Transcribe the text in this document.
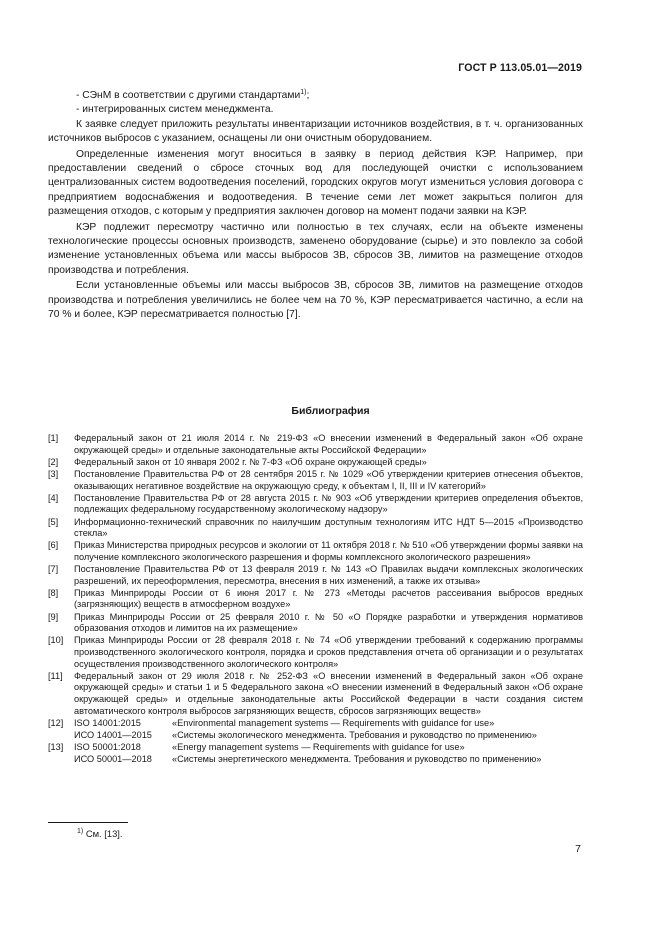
ГОСТ Р 113.05.01—2019

- СЭнМ в соответствии с другими стандартами$^{1)}$;

- интегрированных систем менеджмента.

К заявке следует приложить результаты инвентаризации источников воздействия, в т. ч. организованных источников выбросов с указанием, оснащены ли они очистным оборудованием.

Определенные изменения могут вноситься в заявку в период действия КЭР. Например, при предоставлении сведений о сбросе сточных вод для последующей очистки с использованием централизованных систем водоотведения поселений, городских округов могут измениться условия договора с предприятием водоснабжения и водоотведения. В течение семи лет может закрыться полигон для размещения отходов, с которым у предприятия заключен договор на момент подачи заявки на КЭР.

КЭР подлежит пересмотру частично или полностью в тех случаях, если на объекте изменены технологические процессы основных производств, заменено оборудование (сырье) и это повлекло за собой изменение установленных объема или массы выбросов ЗВ, сбросов ЗВ, лимитов на размещение отходов производства и потребления.

Если установленные объемы или массы выбросов ЗВ, сбросов ЗВ, лимитов на размещение отходов производства и потребления увеличились не более чем на 70 %, КЭР пересматривается частично, а если на 70 % и более, КЭР пересматривается полностью [7].

Библиография
[1]	Федеральный закон от 21 июля 2014 г. № 219-ФЗ «О внесении изменений в Федеральный закон «Об охране окружающей среды» и отдельные законодательные акты Российской Федерации»
[2]	Федеральный закон от 10 января 2002 г. № 7-ФЗ «Об охране окружающей среды»
[3]	Постановление Правительства РФ от 28 сентября 2015 г. № 1029 «Об утверждении критериев отнесения объектов, оказывающих негативное воздействие на окружающую среду, к объектам I, II, III и IV категорий»
[4]	Постановление Правительства РФ от 28 августа 2015 г. № 903 «Об утверждении критериев определения объектов, подлежащих федеральному государственному экологическому надзору»
[5]	Информационно-технический справочник по наилучшим доступным технологиям ИТС НДТ 5—2015 «Производство стекла»
[6]	Приказ Министерства природных ресурсов и экологии от 11 октября 2018 г. № 510 «Об утверждении формы заявки на получение комплексного экологического разрешения и формы комплексного экологического разрешения»
[7]	Постановление Правительства РФ от 13 февраля 2019 г. № 143 «О Правилах выдачи комплексных экологических разрешений, их переоформления, пересмотра, внесения в них изменений, а также их отзыва»
[8]	Приказ Минприроды России от 6 июня 2017 г. № 273 «Методы расчетов рассеивания выбросов вредных (загрязняющих) веществ в атмосферном воздухе»
[9]	Приказ Минприроды России от 25 февраля 2010 г. № 50 «О Порядке разработки и утверждения нормативов образования отходов и лимитов на их размещение»
[10]	Приказ Минприроды России от 28 февраля 2018 г. № 74 «Об утверждении требований к содержанию программы производственного экологического контроля, порядка и сроков представления отчета об организации и о результатах осуществления производственного экологического контроля»
[11]	Федеральный закон от 29 июля 2018 г. № 252-ФЗ «О внесении изменений в Федеральный закон «Об охране окружающей среды» и статьи 1 и 5 Федерального закона «О внесении изменений в Федеральный закон «Об охране окружающей среды» и отдельные законодательные акты Российской Федерации в части создания систем автоматического контроля выбросов загрязняющих веществ, сбросов загрязняющих веществ»
[12]	ISO 14001:2015	«Environmental management systems — Requirements with guidance for use»
ИСО 14001—2015	«Системы экологического менеджмента. Требования и руководство по применению»
[13]	ISO 50001:2018	«Energy management systems — Requirements with guidance for use»
ИСО 50001—2018	«Системы энергетического менеджмента. Требования и руководство по применению»
$^{1)}$ См. [13].
7
